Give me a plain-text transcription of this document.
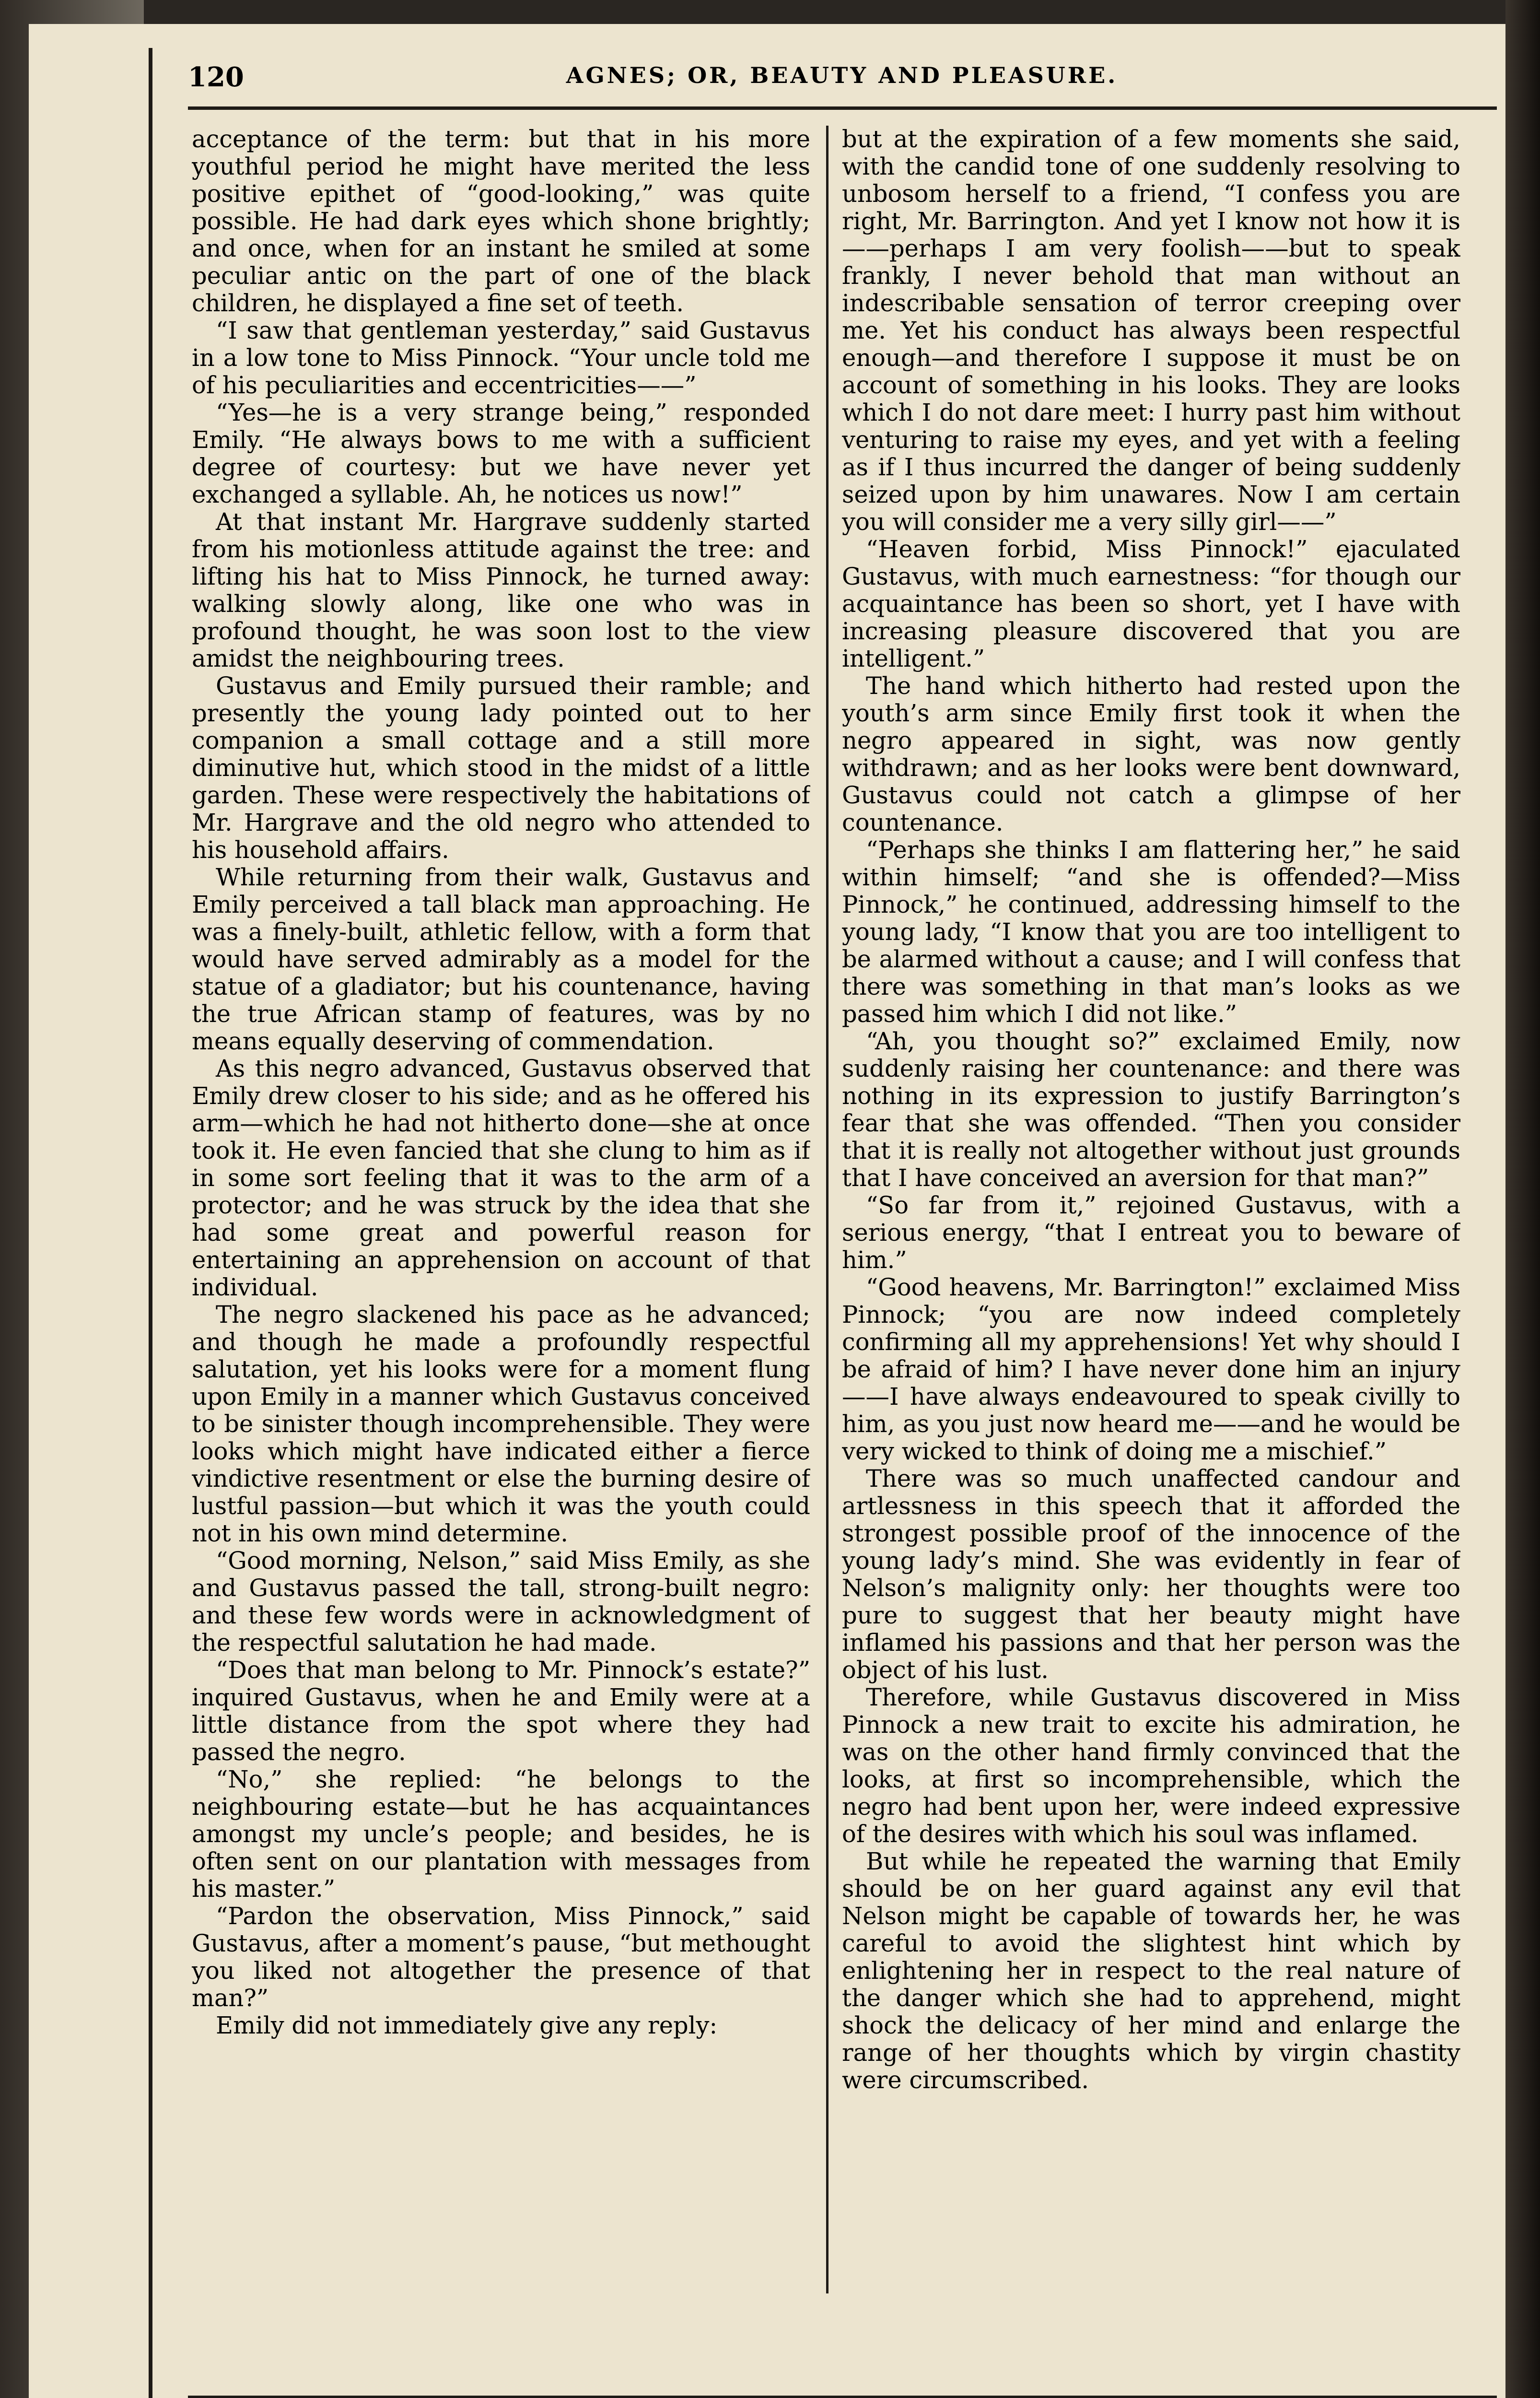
120	AGNES; OR, BEAUTY AND PLEASURE.

acceptance of the term: but that in his more youthful period he might have merited the less positive epithet of “good-looking,” was quite possible. He had dark eyes which shone brightly; and once, when for an instant he smiled at some peculiar antic on the part of one of the black children, he displayed a fine set of teeth.

“I saw that gentleman yesterday,” said Gustavus in a low tone to Miss Pinnock. “Your uncle told me of his peculiarities and eccentricities——”

“Yes—he is a very strange being,” responded Emily. “He always bows to me with a sufficient degree of courtesy: but we have never yet exchanged a syllable. Ah, he notices us now!”

At that instant Mr. Hargrave suddenly started from his motionless attitude against the tree: and lifting his hat to Miss Pinnock, he turned away: walking slowly along, like one who was in profound thought, he was soon lost to the view amidst the neighbouring trees.

Gustavus and Emily pursued their ramble; and presently the young lady pointed out to her companion a small cottage and a still more diminutive hut, which stood in the midst of a little garden. These were respectively the habitations of Mr. Hargrave and the old negro who attended to his household affairs.

While returning from their walk, Gustavus and Emily perceived a tall black man approaching. He was a finely-built, athletic fellow, with a form that would have served admirably as a model for the statue of a gladiator; but his countenance, having the true African stamp of features, was by no means equally deserving of commendation.

As this negro advanced, Gustavus observed that Emily drew closer to his side; and as he offered his arm—which he had not hitherto done—she at once took it. He even fancied that she clung to him as if in some sort feeling that it was to the arm of a protector; and he was struck by the idea that she had some great and powerful reason for entertaining an apprehension on account of that individual.

The negro slackened his pace as he advanced; and though he made a profoundly respectful salutation, yet his looks were for a moment flung upon Emily in a manner which Gustavus conceived to be sinister though incomprehensible. They were looks which might have indicated either a fierce vindictive resentment or else the burning desire of lustful passion—but which it was the youth could not in his own mind determine.

“Good morning, Nelson,” said Miss Emily, as she and Gustavus passed the tall, strong-built negro: and these few words were in acknowledgment of the respectful salutation he had made.

“Does that man belong to Mr. Pinnock’s estate?” inquired Gustavus, when he and Emily were at a little distance from the spot where they had passed the negro.

“No,” she replied: “he belongs to the neighbouring estate—but he has acquaintances amongst my uncle’s people; and besides, he is often sent on our plantation with messages from his master.”

“Pardon the observation, Miss Pinnock,” said Gustavus, after a moment’s pause, “but methought you liked not altogether the presence of that man?”

Emily did not immediately give any reply:

but at the expiration of a few moments she said, with the candid tone of one suddenly resolving to unbosom herself to a friend, “I confess you are right, Mr. Barrington. And yet I know not how it is——perhaps I am very foolish——but to speak frankly, I never behold that man without an indescribable sensation of terror creeping over me. Yet his conduct has always been respectful enough—and therefore I suppose it must be on account of something in his looks. They are looks which I do not dare meet: I hurry past him without venturing to raise my eyes, and yet with a feeling as if I thus incurred the danger of being suddenly seized upon by him unawares. Now I am certain you will consider me a very silly girl——”

“Heaven forbid, Miss Pinnock!” ejaculated Gustavus, with much earnestness: “for though our acquaintance has been so short, yet I have with increasing pleasure discovered that you are intelligent.”

The hand which hitherto had rested upon the youth’s arm since Emily first took it when the negro appeared in sight, was now gently withdrawn; and as her looks were bent downward, Gustavus could not catch a glimpse of her countenance.

“Perhaps she thinks I am flattering her,” he said within himself; “and she is offended?—Miss Pinnock,” he continued, addressing himself to the young lady, “I know that you are too intelligent to be alarmed without a cause; and I will confess that there was something in that man’s looks as we passed him which I did not like.”

“Ah, you thought so?” exclaimed Emily, now suddenly raising her countenance: and there was nothing in its expression to justify Barrington’s fear that she was offended. “Then you consider that it is really not altogether without just grounds that I have conceived an aversion for that man?”

“So far from it,” rejoined Gustavus, with a serious energy, “that I entreat you to beware of him.”

“Good heavens, Mr. Barrington!” exclaimed Miss Pinnock; “you are now indeed completely confirming all my apprehensions! Yet why should I be afraid of him? I have never done him an injury——I have always endeavoured to speak civilly to him, as you just now heard me——and he would be very wicked to think of doing me a mischief.”

There was so much unaffected candour and artlessness in this speech that it afforded the strongest possible proof of the innocence of the young lady’s mind. She was evidently in fear of Nelson’s malignity only: her thoughts were too pure to suggest that her beauty might have inflamed his passions and that her person was the object of his lust.

Therefore, while Gustavus discovered in Miss Pinnock a new trait to excite his admiration, he was on the other hand firmly convinced that the looks, at first so incomprehensible, which the negro had bent upon her, were indeed expressive of the desires with which his soul was inflamed.

But while he repeated the warning that Emily should be on her guard against any evil that Nelson might be capable of towards her, he was careful to avoid the slightest hint which by enlightening her in respect to the real nature of the danger which she had to apprehend, might shock the delicacy of her mind and enlarge the range of her thoughts which by virgin chastity were circumscribed.
